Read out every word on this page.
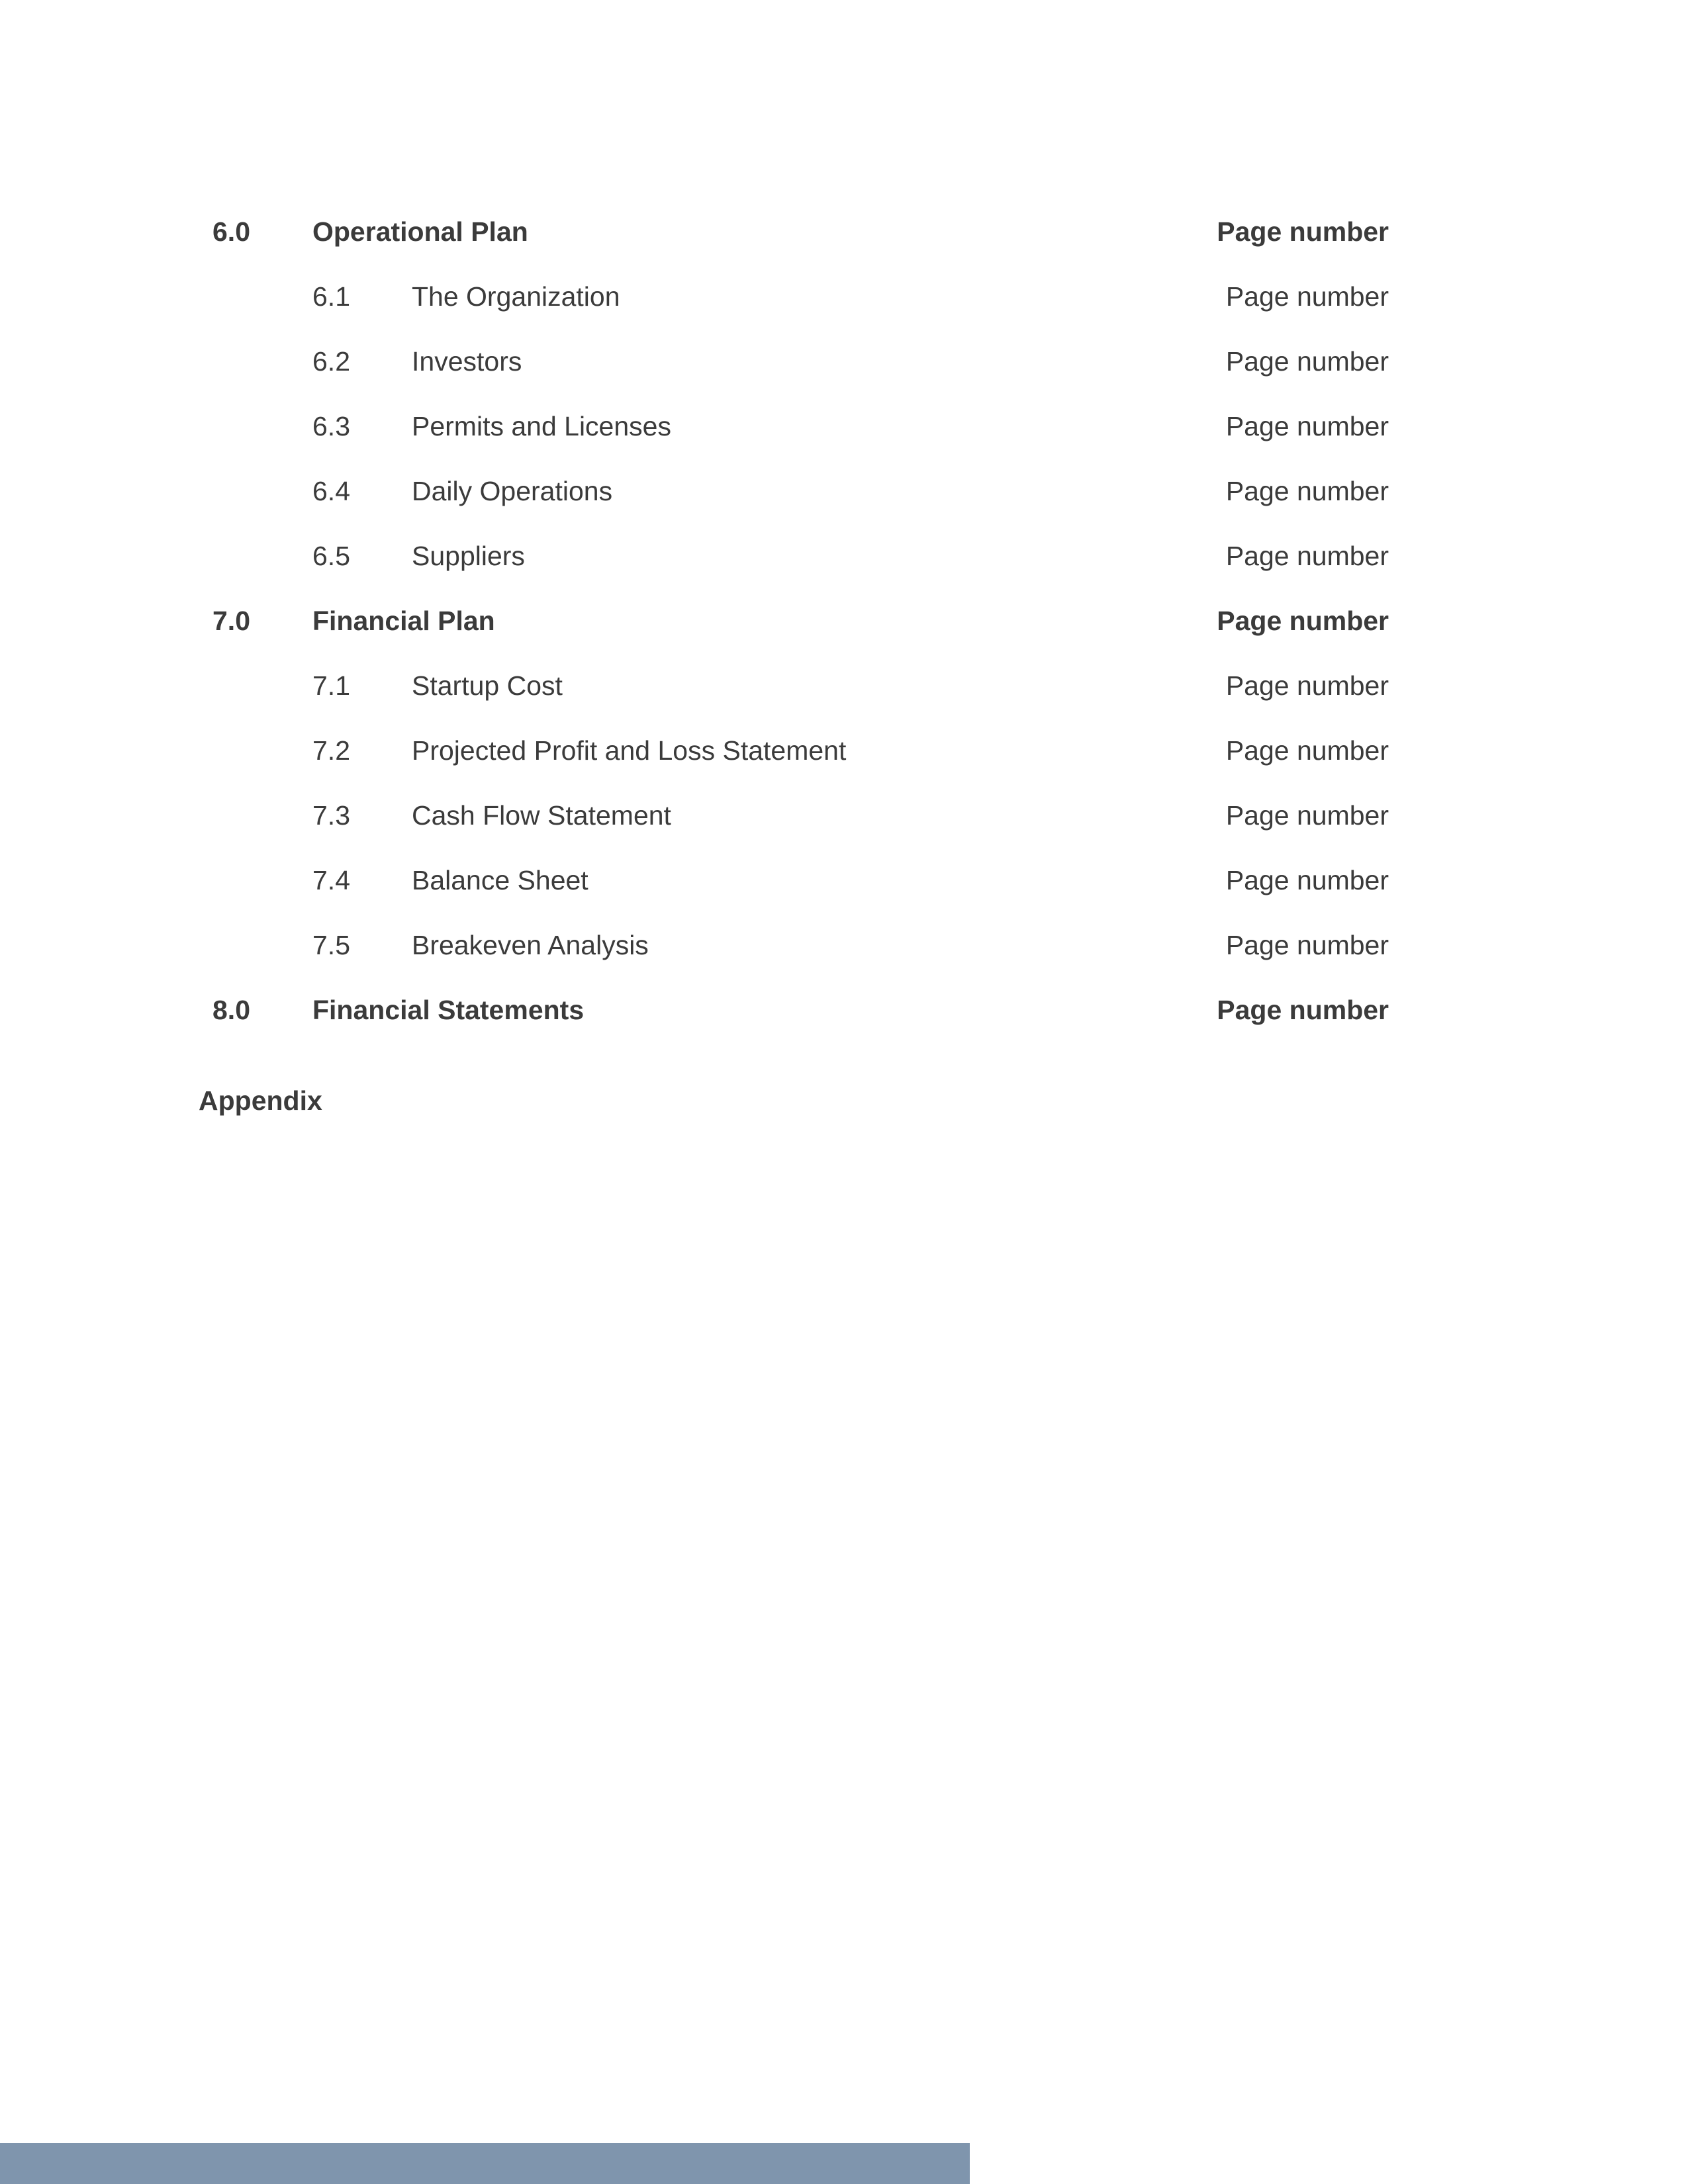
6.0 Operational Plan	Page number
6.1 The Organization	Page number
6.2 Investors	Page number
6.3 Permits and Licenses	Page number
6.4 Daily Operations	Page number
6.5 Suppliers	Page number
7.0 Financial Plan	Page number
7.1 Startup Cost	Page number
7.2 Projected Profit and Loss Statement	Page number
7.3 Cash Flow Statement	Page number
7.4 Balance Sheet	Page number
7.5 Breakeven Analysis	Page number
8.0 Financial Statements	Page number
Appendix
